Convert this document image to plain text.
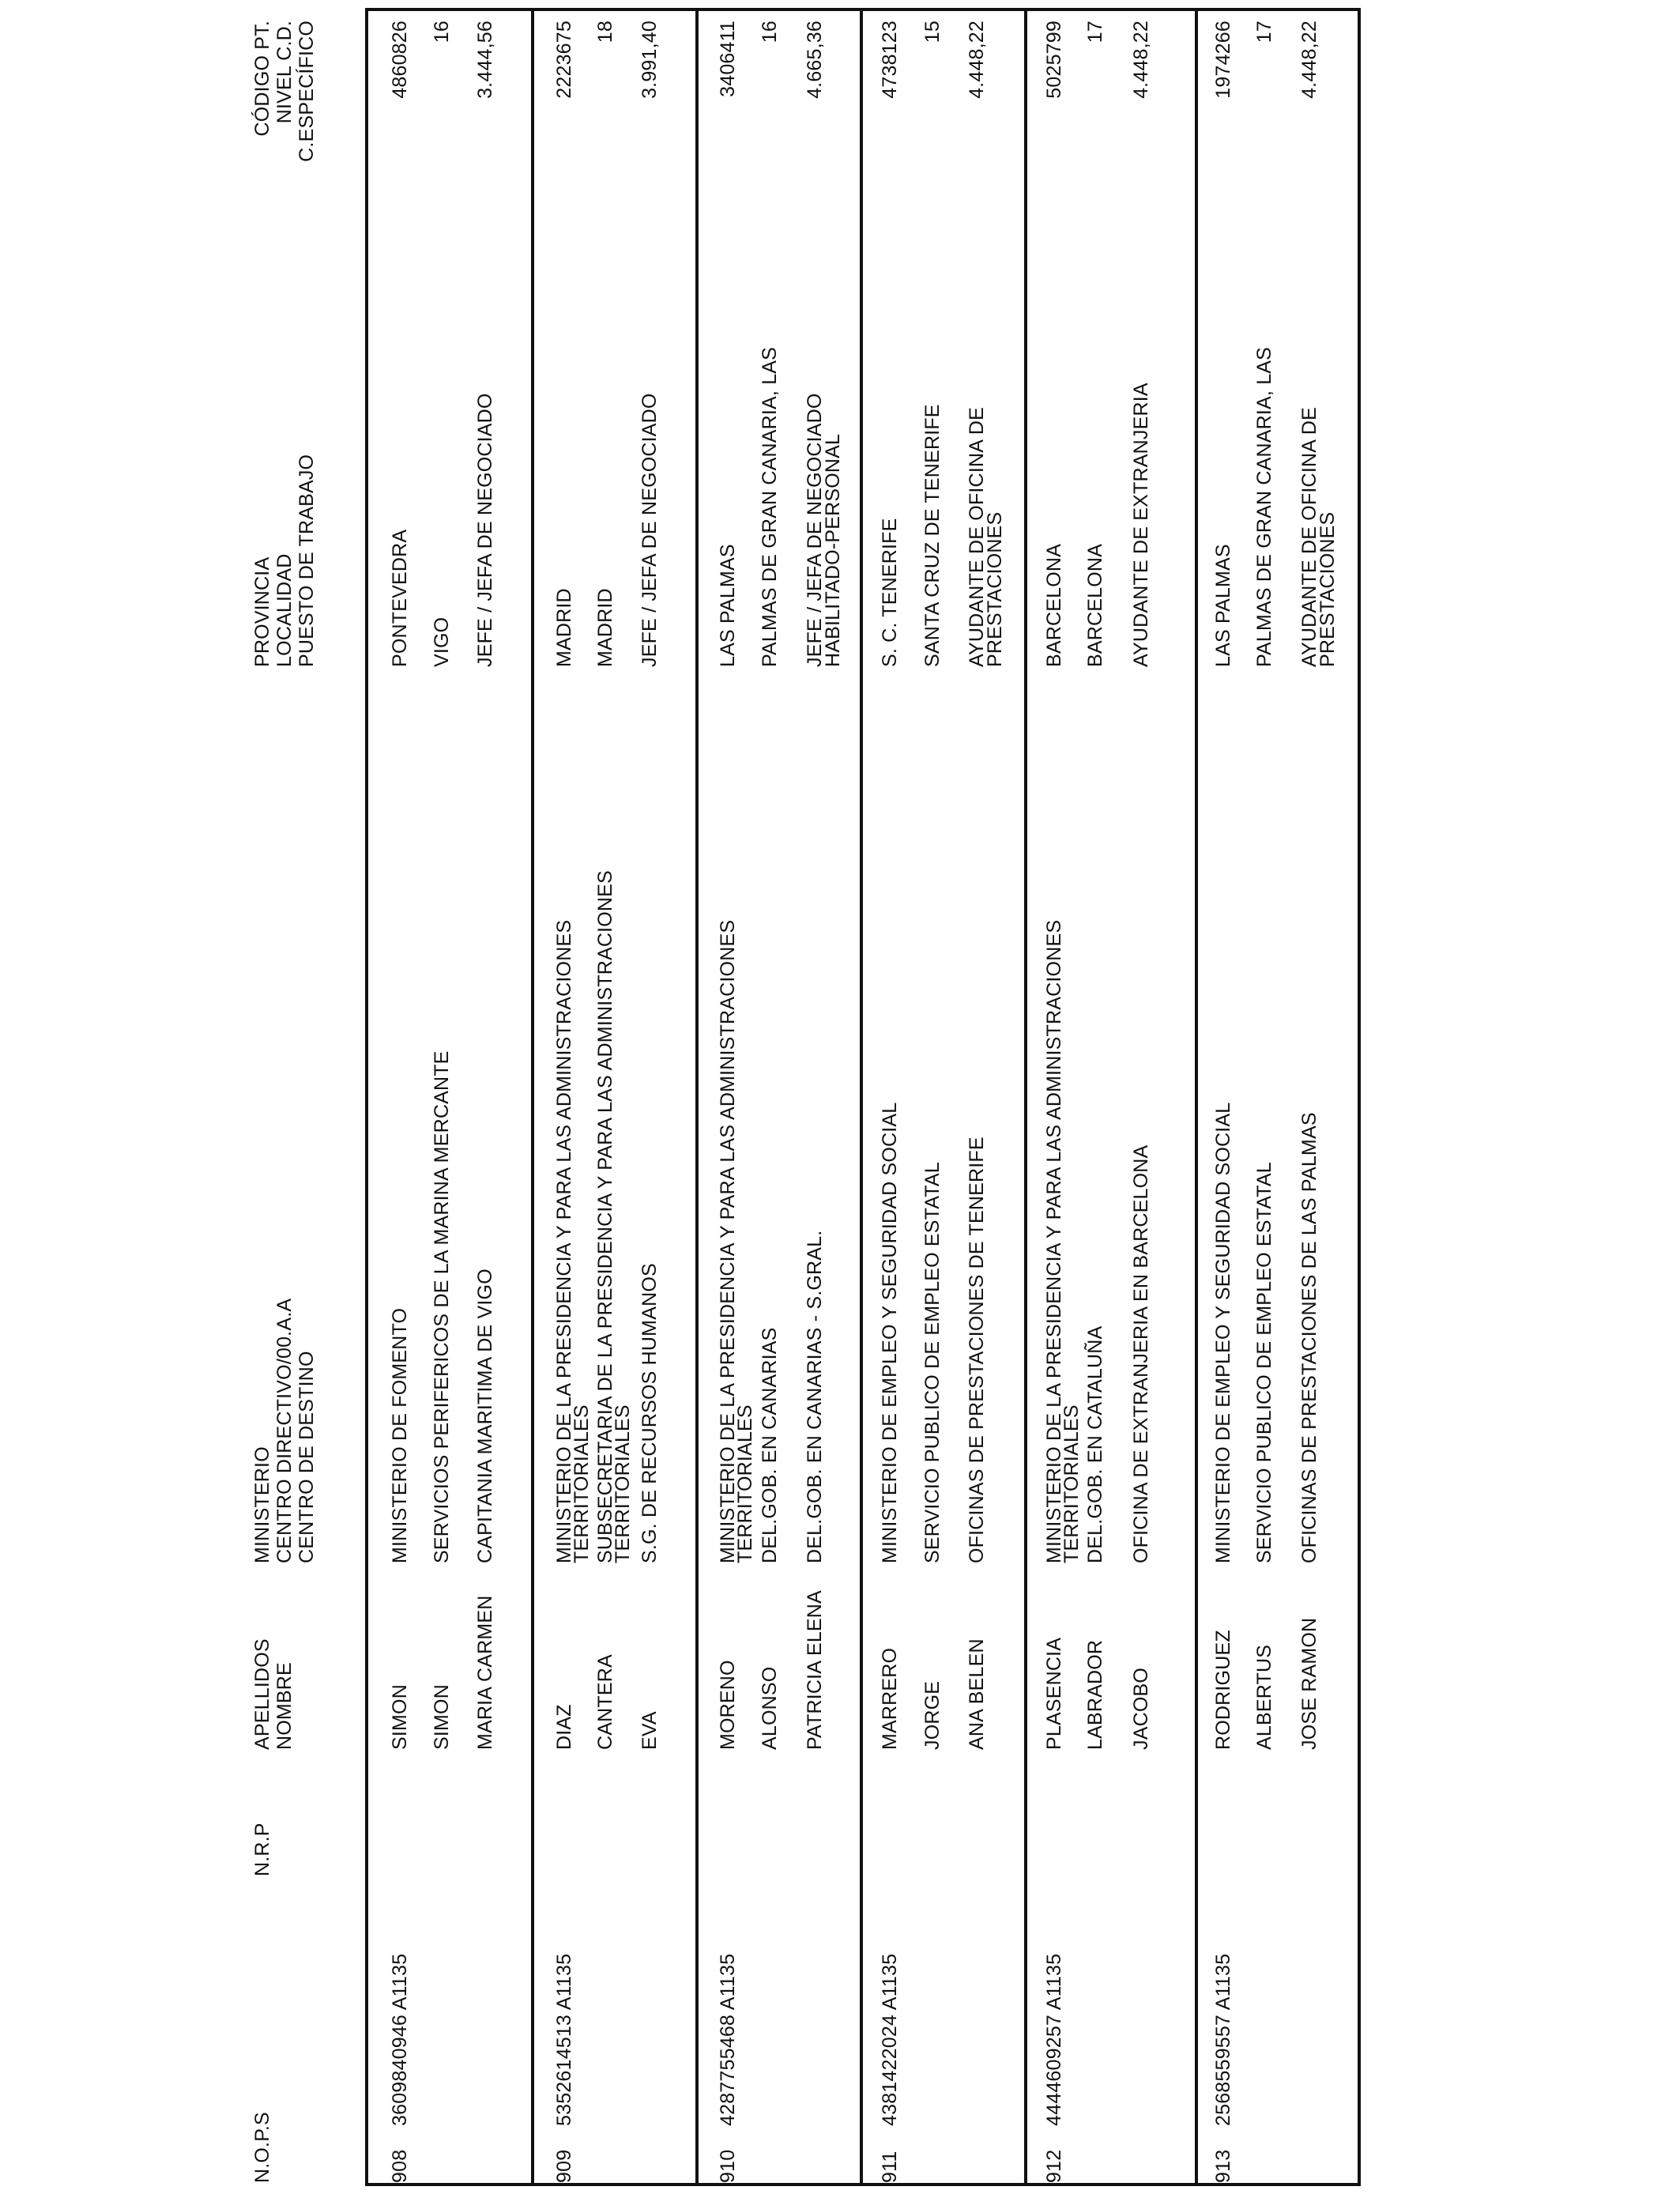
N.O.P.S
N.R.P
APELLIDOS NOMBRE
MINISTERIO CENTRO DIRECTIVO/00.A.A CENTRO DE DESTINO
PROVINCIA LOCALIDAD PUESTO DE TRABAJO
CÓDIGO PT. NIVEL C.D. C.ESPECÍFICO
908
3609840946 A1135
SIMON SIMON MARIA CARMEN
MINISTERIO DE FOMENTO SERVICIOS PERIFERICOS DE LA MARINA MERCANTE CAPITANIA MARITIMA DE VIGO
PONTEVEDRA VIGO JEFE / JEFA DE NEGOCIADO
4860826 16 3.444,56
909
5352614513 A1135
DIAZ CANTERA EVA
MINISTERIO DE LA PRESIDENCIA Y PARA LAS ADMINISTRACIONES
TERRITORIALES SUBSECRETARIA DE LA PRESIDENCIA Y PARA LAS ADMINISTRACIONES
TERRITORIALES S.G. DE RECURSOS HUMANOS
MADRID MADRID JEFE / JEFA DE NEGOCIADO
2223675 18 3.991,40
910
4287755468 A1135
MORENO ALONSO PATRICIA ELENA
MINISTERIO DE LA PRESIDENCIA Y PARA LAS ADMINISTRACIONES
TERRITORIALES DEL.GOB. EN CANARIAS DEL.GOB. EN CANARIAS - S.GRAL.
LAS PALMAS PALMAS DE GRAN CANARIA, LAS JEFE / JEFA DE NEGOCIADO
HABILITADO-PERSONAL
3406411 16 4.665,36
911
4381422024 A1135
MARRERO JORGE ANA BELEN
MINISTERIO DE EMPLEO Y SEGURIDAD SOCIAL SERVICIO PUBLICO DE EMPLEO ESTATAL OFICINAS DE PRESTACIONES DE TENERIFE
S. C. TENERIFE SANTA CRUZ DE TENERIFE AYUDANTE DE OFICINA DE
PRESTACIONES
4738123 15 4.448,22
912
4444609257 A1135
PLASENCIA LABRADOR JACOBO
MINISTERIO DE LA PRESIDENCIA Y PARA LAS ADMINISTRACIONES
TERRITORIALES DEL.GOB. EN CATALUÑA OFICINA DE EXTRANJERIA EN BARCELONA
BARCELONA BARCELONA AYUDANTE DE EXTRANJERIA
5025799 17 4.448,22
913
2568559557 A1135
RODRIGUEZ ALBERTUS JOSE RAMON
MINISTERIO DE EMPLEO Y SEGURIDAD SOCIAL SERVICIO PUBLICO DE EMPLEO ESTATAL OFICINAS DE PRESTACIONES DE LAS PALMAS
LAS PALMAS PALMAS DE GRAN CANARIA, LAS AYUDANTE DE OFICINA DE
PRESTACIONES
1974266 17 4.448,22
